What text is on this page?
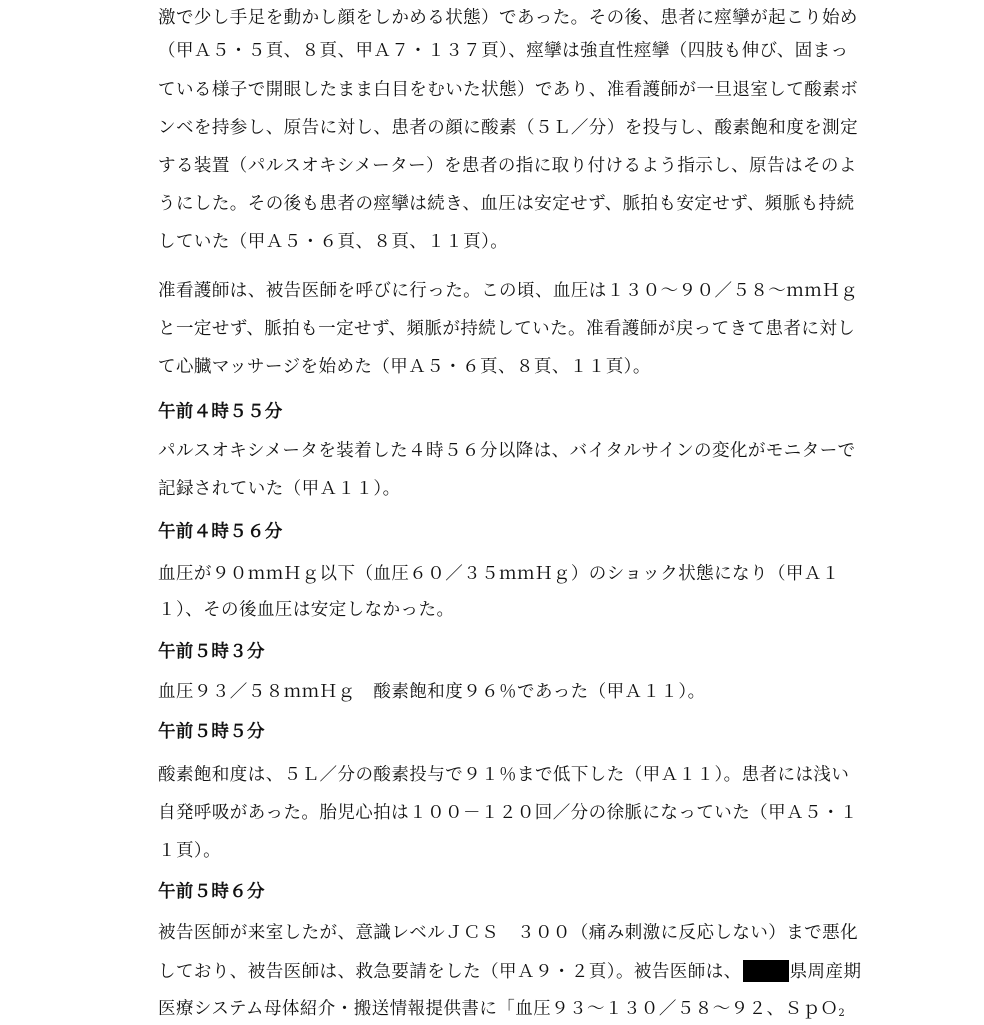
激で少し手足を動かし顔をしかめる状態）であった。その後、患者に痙攣が起こり始め
（甲Ａ５・５頁、８頁、甲Ａ７・１３７頁）、痙攣は強直性痙攣（四肢も伸び、固まっ
ている様子で開眼したまま白目をむいた状態）であり、准看護師が一旦退室して酸素ボ
ンベを持参し、原告に対し、患者の顔に酸素（５Ｌ／分）を投与し、酸素飽和度を測定
する装置（パルスオキシメーター）を患者の指に取り付けるよう指示し、原告はそのよ
うにした。その後も患者の痙攣は続き、血圧は安定せず、脈拍も安定せず、頻脈も持続
していた（甲Ａ５・６頁、８頁、１１頁）。
准看護師は、被告医師を呼びに行った。この頃、血圧は１３０～９０／５８～ｍｍＨｇ
と一定せず、脈拍も一定せず、頻脈が持続していた。准看護師が戻ってきて患者に対し
て心臓マッサージを始めた（甲Ａ５・６頁、８頁、１１頁）。
午前４時５５分
パルスオキシメータを装着した４時５６分以降は、バイタルサインの変化がモニターで
記録されていた（甲Ａ１１）。
午前４時５６分
血圧が９０ｍｍＨｇ以下（血圧６０／３５ｍｍＨｇ）のショック状態になり（甲Ａ１
１）、その後血圧は安定しなかった。
午前５時３分
血圧９３／５８ｍｍＨｇ　酸素飽和度９６％であった（甲Ａ１１）。
午前５時５分
酸素飽和度は、５Ｌ／分の酸素投与で９１％まで低下した（甲Ａ１１）。患者には浅い
自発呼吸があった。胎児心拍は１００－１２０回／分の徐脈になっていた（甲Ａ５・１
１頁）。
午前５時６分
被告医師が来室したが、意識レベルＪＣＳ　３００（痛み刺激に反応しない）まで悪化
しており、被告医師は、救急要請をした（甲Ａ９・２頁）。被告医師は、	県周産期
医療システム母体紹介・搬送情報提供書に「血圧９３～１３０／５８～９２、ＳｐＯ$_2$
